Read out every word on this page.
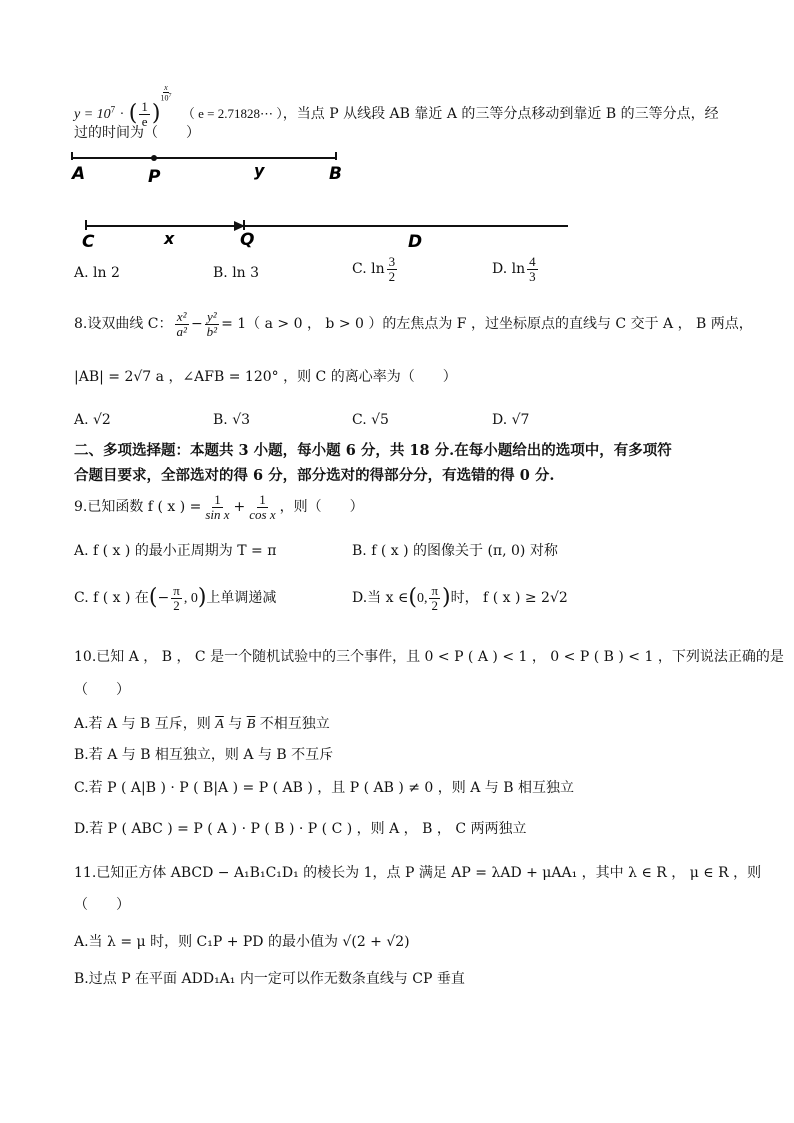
$y = 10^7$ · ( $\frac{1}{e}$ )
$^{\frac{x}{10^7}}$
（ e = 2.71828⋯ ），当点 P 从线段 AB 靠近 A 的三等分点移动到靠近 B 的三等分点，经
过的时间为（　　）
A	P	y	B
C	x	Q	D
A. ln 2	B. ln 3	C. $\ln \frac{3}{2}$	D. $\ln \frac{4}{3}$
8.设双曲线 C： $\frac{\text{x²}}{\text{a²}} - \frac{\text{y²}}{\text{b²}} = 1$（ a > 0 ， b > 0 ）的左焦点为 F ，过坐标原点的直线与 C 交于 A ， B 两点，
|AB| = 2√7 a ，∠AFB = 120° ，则 C 的离心率为（　　）
A. √2	B. √3	C. √5	D. √7
二、多项选择题：本题共 3 小题，每小题 6 分，共 18 分.在每小题给出的选项中，有多项符
合题目要求，全部选对的得 6 分，部分选对的得部分分，有选错的得 0 分.
9.已知函数 f ( x ) = $\frac{1}{\text{sin x}} + \frac{1}{\text{cos x}}$ ，则（　　）
A. f ( x ) 的最小正周期为 T = π	B. f ( x ) 的图像关于 (π, 0) 对称
C. f ( x ) 在(− $\frac{\pi}{2}$ , 0)上单调递减	D.当 x ∈(0, $\frac{\pi}{2}$ )时， f ( x ) ≥ 2√2
10.已知 A ， B ， C 是一个随机试验中的三个事件，且 0 < P ( A ) < 1 ， 0 < P ( B ) < 1 ，下列说法正确的是
（　　）
A.若 A 与 B 互斥，则 $\overline{A}$ 与 $\overline{B}$ 不相互独立
B.若 A 与 B 相互独立，则 A 与 B 不互斥
C.若 P ( A|B ) · P ( B|A ) = P ( AB ) ，且 P ( AB ) ≠ 0 ，则 A 与 B 相互独立
D.若 P ( ABC ) = P ( A ) · P ( B ) · P ( C ) ，则 A ， B ， C 两两独立
11.已知正方体 ABCD − A₁B₁C₁D₁ 的棱长为 1，点 P 满足 AP = λAD + μAA₁ ，其中 λ ∈ R ， μ ∈ R ，则
（　　）
A.当 λ = μ 时，则 C₁P + PD 的最小值为 √(2 + √2)
B.过点 P 在平面 ADD₁A₁ 内一定可以作无数条直线与 CP 垂直
